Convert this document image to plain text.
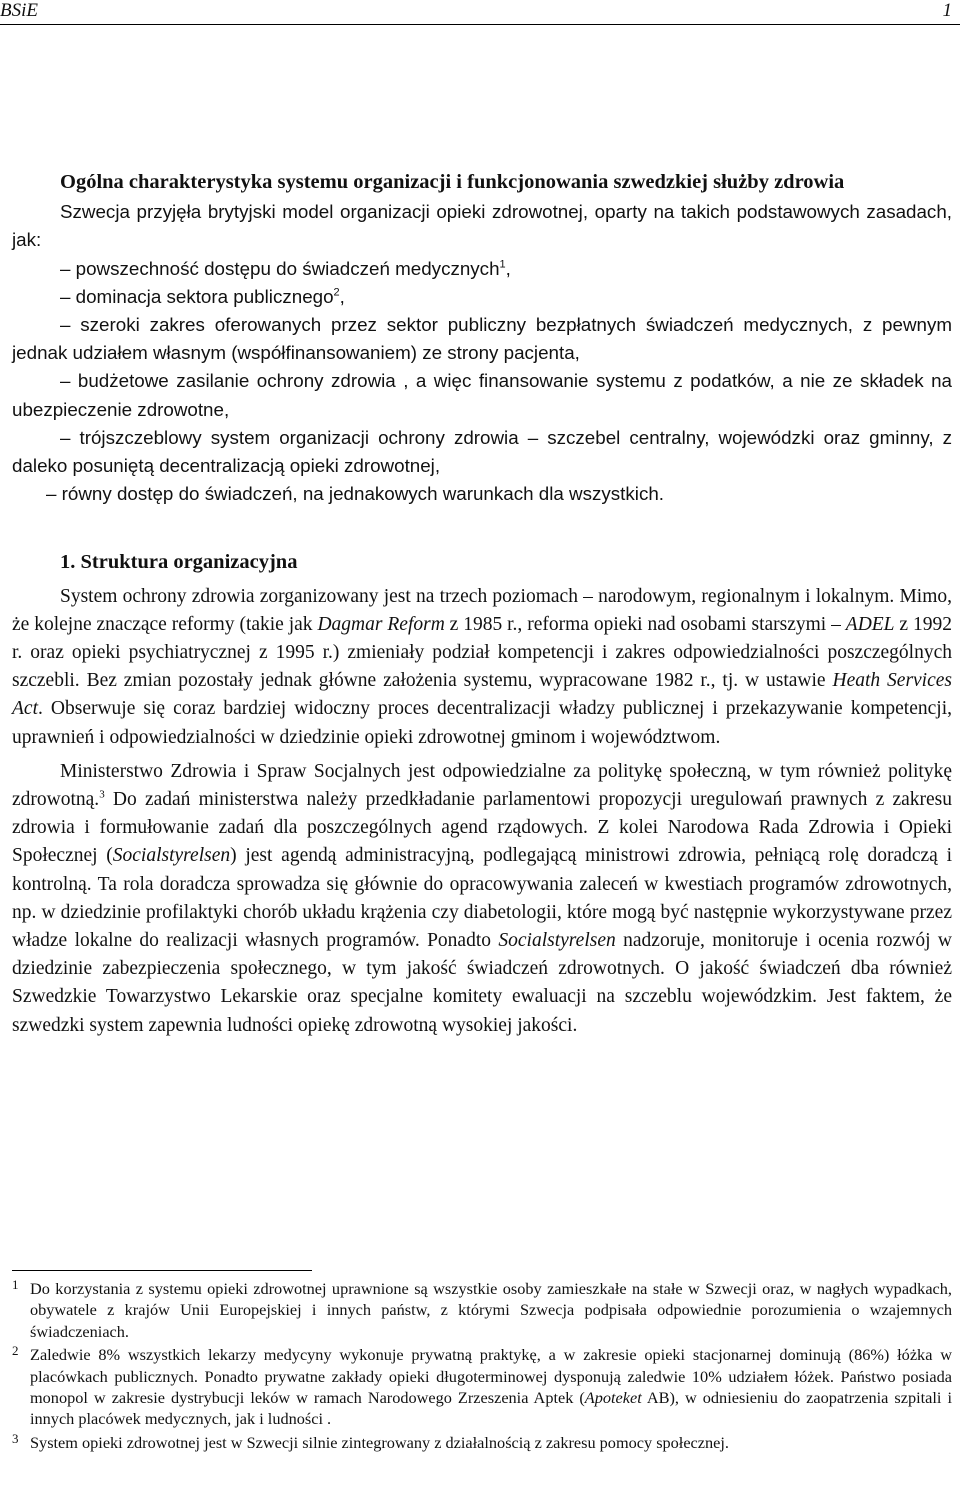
BSiE	1
Ogólna charakterystyka systemu organizacji i funkcjonowania szwedzkiej służby zdrowia

Szwecja przyjęła brytyjski model organizacji opieki zdrowotnej, oparty na takich podstawowych zasadach, jak:

– powszechność dostępu do świadczeń medycznych$^1$,

– dominacja sektora publicznego$^2$,

– szeroki zakres oferowanych przez sektor publiczny bezpłatnych świadczeń medycznych, z pewnym jednak udziałem własnym (współfinansowaniem) ze strony pacjenta,

– budżetowe zasilanie ochrony zdrowia , a więc finansowanie systemu z podatków, a nie ze składek na ubezpieczenie zdrowotne,

– trójszczeblowy system organizacji ochrony zdrowia – szczebel centralny, wojewódzki oraz gminny, z daleko posuniętą decentralizacją opieki zdrowotnej,

– równy dostęp do świadczeń, na jednakowych warunkach dla wszystkich.

1. Struktura organizacyjna

System ochrony zdrowia zorganizowany jest na trzech poziomach – narodowym, regionalnym i lokalnym. Mimo, że kolejne znaczące reformy (takie jak Dagmar Reform z 1985 r., reforma opieki nad osobami starszymi – ADEL z 1992 r. oraz opieki psychiatrycznej z 1995 r.) zmieniały podział kompetencji i zakres odpowiedzialności poszczególnych szczebli. Bez zmian pozostały jednak główne założenia systemu, wypracowane 1982 r., tj. w ustawie Heath Services Act. Obserwuje się coraz bardziej widoczny proces decentralizacji władzy publicznej i przekazywanie kompetencji, uprawnień i odpowiedzialności w dziedzinie opieki zdrowotnej gminom i województwom.

Ministerstwo Zdrowia i Spraw Socjalnych jest odpowiedzialne za politykę społeczną, w tym również politykę zdrowotną.$^3$ Do zadań ministerstwa należy przedkładanie parlamentowi propozycji uregulowań prawnych z zakresu zdrowia i formułowanie zadań dla poszczególnych agend rządowych. Z kolei Narodowa Rada Zdrowia i Opieki Społecznej (Socialstyrelsen) jest agendą administracyjną, podlegającą ministrowi zdrowia, pełniącą rolę doradczą i kontrolną. Ta rola doradcza sprowadza się głównie do opracowywania zaleceń w kwestiach programów zdrowotnych, np. w dziedzinie profilaktyki chorób układu krążenia czy diabetologii, które mogą być następnie wykorzystywane przez władze lokalne do realizacji własnych programów. Ponadto Socialstyrelsen nadzoruje, monitoruje i ocenia rozwój w dziedzinie zabezpieczenia społecznego, w tym jakość świadczeń zdrowotnych. O jakość świadczeń dba również Szwedzkie Towarzystwo Lekarskie oraz specjalne komitety ewaluacji na szczeblu wojewódzkim. Jest faktem, że szwedzki system zapewnia ludności opiekę zdrowotną wysokiej jakości.

1 Do korzystania z systemu opieki zdrowotnej uprawnione są wszystkie osoby zamieszkałe na stałe w Szwecji oraz, w nagłych wypadkach, obywatele z krajów Unii Europejskiej i innych państw, z którymi Szwecja podpisała odpowiednie porozumienia o wzajemnych świadczeniach.

2 Zaledwie 8% wszystkich lekarzy medycyny wykonuje prywatną praktykę, a w zakresie opieki stacjonarnej dominują (86%) łóżka w placówkach publicznych. Ponadto prywatne zakłady opieki długoterminowej dysponują zaledwie 10% udziałem łóżek. Państwo posiada monopol w zakresie dystrybucji leków w ramach Narodowego Zrzeszenia Aptek (Apoteket AB), w odniesieniu do zaopatrzenia szpitali i innych placówek medycznych, jak i ludności .

3 System opieki zdrowotnej jest w Szwecji silnie zintegrowany z działalnością z zakresu pomocy społecznej.
